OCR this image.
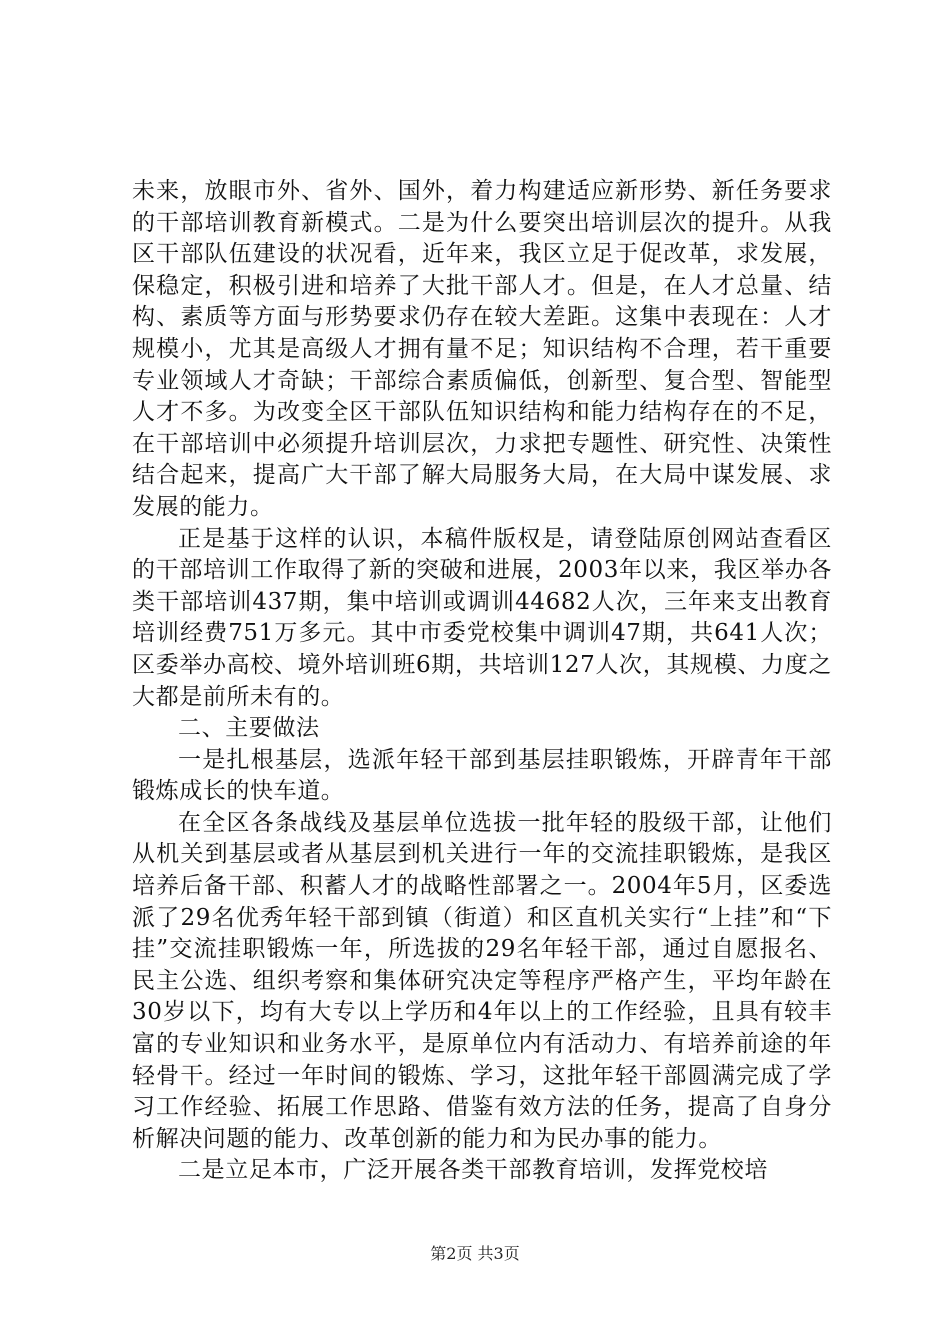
未来，放眼市外、省外、国外，着力构建适应新形势、新任务要求的干部培训教育新模式。二是为什么要突出培训层次的提升。从我区干部队伍建设的状况看，近年来，我区立足于促改革，求发展，保稳定，积极引进和培养了大批干部人才。但是，在人才总量、结构、素质等方面与形势要求仍存在较大差距。这集中表现在：人才规模小，尤其是高级人才拥有量不足；知识结构不合理，若干重要专业领域人才奇缺；干部综合素质偏低，创新型、复合型、智能型人才不多。为改变全区干部队伍知识结构和能力结构存在的不足，在干部培训中必须提升培训层次，力求把专题性、研究性、决策性结合起来，提高广大干部了解大局服务大局，在大局中谋发展、求发展的能力。

正是基于这样的认识，本稿件版权是，请登陆原创网站查看区的干部培训工作取得了新的突破和进展，2003年以来，我区举办各类干部培训437期，集中培训或调训44682人次，三年来支出教育培训经费751万多元。其中市委党校集中调训47期，共641人次；区委举办高校、境外培训班6期，共培训127人次，其规模、力度之大都是前所未有的。

二、主要做法

一是扎根基层，选派年轻干部到基层挂职锻炼，开辟青年干部锻炼成长的快车道。

在全区各条战线及基层单位选拔一批年轻的股级干部，让他们从机关到基层或者从基层到机关进行一年的交流挂职锻炼，是我区培养后备干部、积蓄人才的战略性部署之一。2004年5月，区委选派了29名优秀年轻干部到镇（街道）和区直机关实行“上挂”和“下挂”交流挂职锻炼一年，所选拔的29名年轻干部，通过自愿报名、民主公选、组织考察和集体研究决定等程序严格产生，平均年龄在30岁以下，均有大专以上学历和4年以上的工作经验，且具有较丰富的专业知识和业务水平，是原单位内有活动力、有培养前途的年轻骨干。经过一年时间的锻炼、学习，这批年轻干部圆满完成了学习工作经验、拓展工作思路、借鉴有效方法的任务，提高了自身分析解决问题的能力、改革创新的能力和为民办事的能力。

二是立足本市，广泛开展各类干部教育培训，发挥党校培

第2页 共3页
